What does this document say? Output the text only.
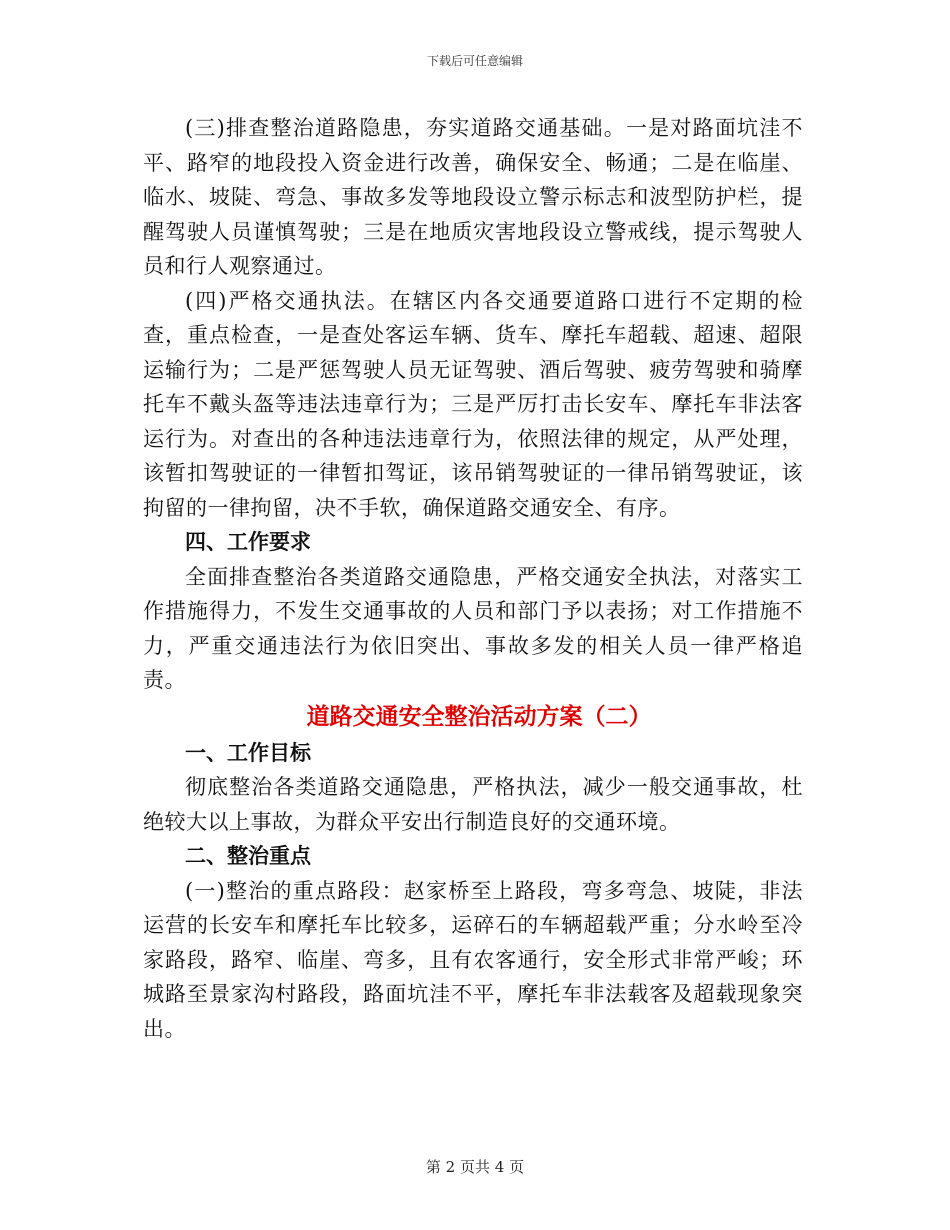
下载后可任意编辑

(三)排查整治道路隐患，夯实道路交通基础。一是对路面坑洼不平、路窄的地段投入资金进行改善，确保安全、畅通；二是在临崖、临水、坡陡、弯急、事故多发等地段设立警示标志和波型防护栏，提醒驾驶人员谨慎驾驶；三是在地质灾害地段设立警戒线，提示驾驶人员和行人观察通过。

(四)严格交通执法。在辖区内各交通要道路口进行不定期的检查，重点检查，一是查处客运车辆、货车、摩托车超载、超速、超限运输行为；二是严惩驾驶人员无证驾驶、酒后驾驶、疲劳驾驶和骑摩托车不戴头盔等违法违章行为；三是严厉打击长安车、摩托车非法客运行为。对查出的各种违法违章行为，依照法律的规定，从严处理，该暂扣驾驶证的一律暂扣驾证，该吊销驾驶证的一律吊销驾驶证，该拘留的一律拘留，决不手软，确保道路交通安全、有序。

四、工作要求

全面排查整治各类道路交通隐患，严格交通安全执法，对落实工作措施得力，不发生交通事故的人员和部门予以表扬；对工作措施不力，严重交通违法行为依旧突出、事故多发的相关人员一律严格追责。

道路交通安全整治活动方案（二）

一、工作目标

彻底整治各类道路交通隐患，严格执法，减少一般交通事故，杜绝较大以上事故，为群众平安出行制造良好的交通环境。

二、整治重点

(一)整治的重点路段：赵家桥至上路段，弯多弯急、坡陡，非法运营的长安车和摩托车比较多，运碎石的车辆超载严重；分水岭至冷家路段，路窄、临崖、弯多，且有农客通行，安全形式非常严峻；环城路至景家沟村路段，路面坑洼不平，摩托车非法载客及超载现象突出。

第 2 页共 4 页
